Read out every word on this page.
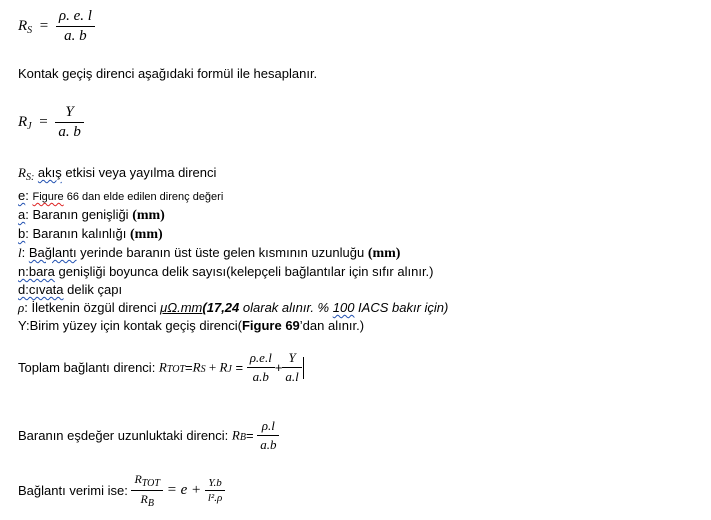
$R_S = \frac{\rho. e. l}{a. b}$
Kontak geçiş direnci aşağıdaki formül ile hesaplanır.
$R_J = \frac{Y}{a. b}$
$R_{S:}$ akış etkisi veya yayılma direnci
e: Figure 66 dan elde edilen direnç değeri
a: Baranın genişliği (mm)
b: Baranın kalınlığı (mm)
l: Bağlantı yerinde baranın üst üste gelen kısmının uzunluğu (mm)
n:bara genişliği boyunca delik sayısı(kelepçeli bağlantılar için sıfır alınır.)
d:cıvata delik çapı
ρ: İletkenin özgül direnci μΩ.mm(17,24 olarak alınır. % 100 IACS bakır için)
Y:Birim yüzey için kontak geçiş direnci(Figure 69’dan alınır.)
Toplam bağlantı direnci: RTOT=RS + RJ = $\frac{\rho.e.l}{a.b} + \frac{Y}{a.l}$
Baranın eşdeğer uzunluktaki direnci: $RB= \frac{\rho.l}{a.b}$
Bağlantı verimi ise: $\frac{R_{TOT}}{R_B} = e + \frac{Y.b}{\text{l².ρ}}$
